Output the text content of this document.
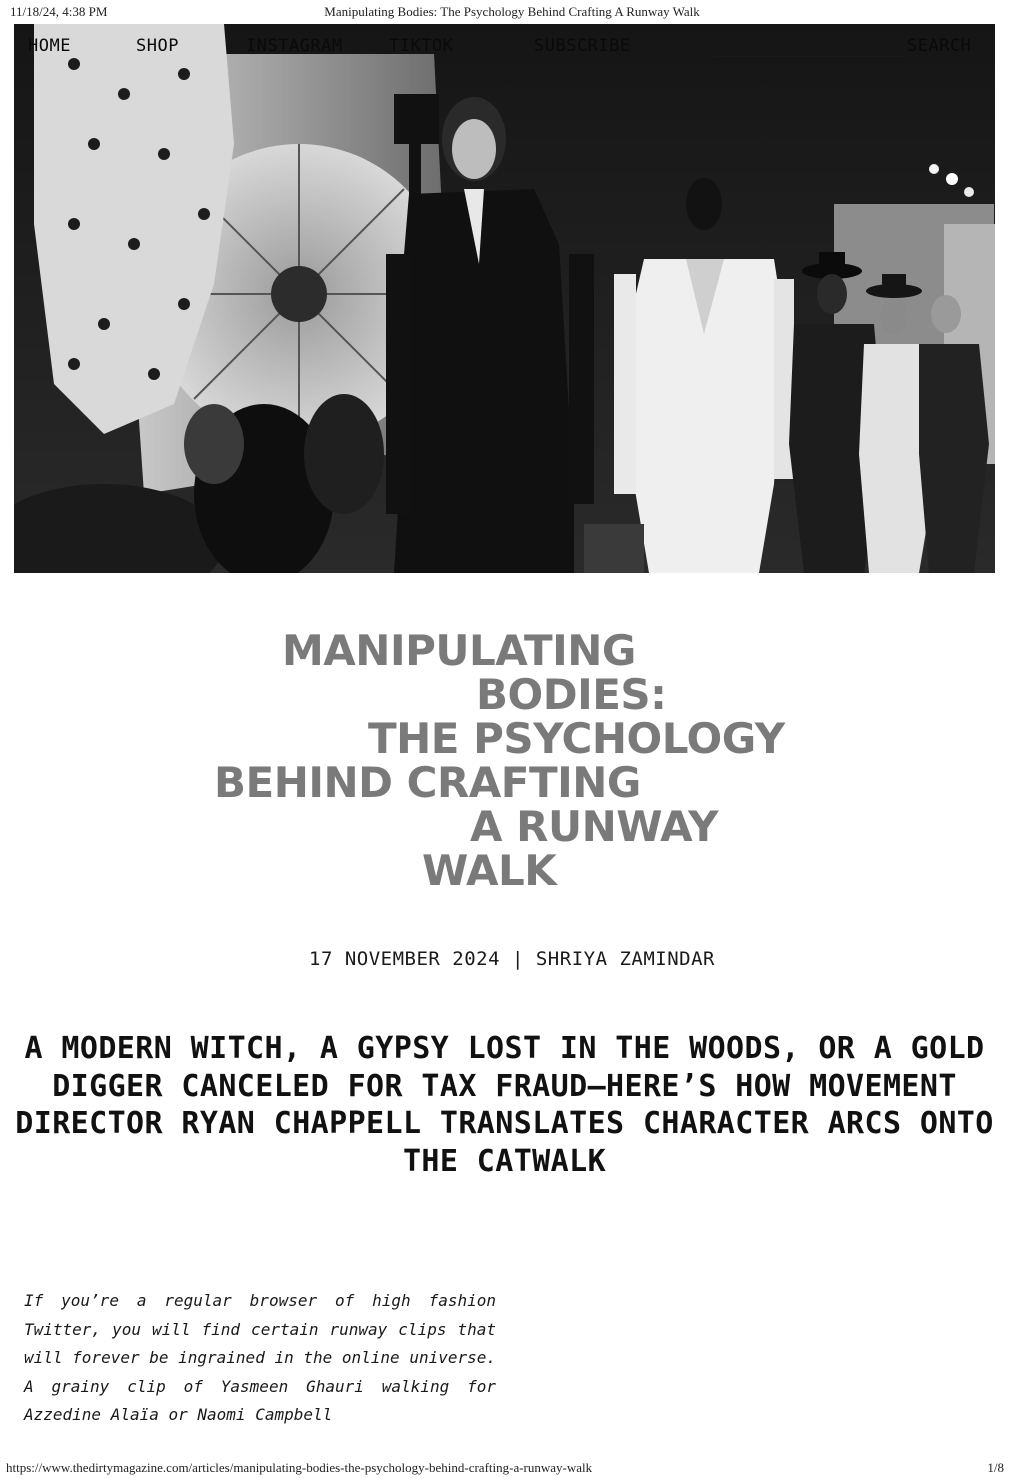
11/18/24, 4:38 PM	Manipulating Bodies: The Psychology Behind Crafting A Runway Walk
HOME	SHOP	INSTAGRAM	TIKTOK	SUBSCRIBE	SEARCH
MANIPULATING
BODIES:
THE PSYCHOLOGY
BEHIND CRAFTING
A RUNWAY
WALK
17 NOVEMBER 2024 | SHRIYA ZAMINDAR
A MODERN WITCH, A GYPSY LOST IN THE WOODS, OR A GOLD DIGGER CANCELED FOR TAX FRAUD—HERE’S HOW MOVEMENT DIRECTOR RYAN CHAPPELL TRANSLATES CHARACTER ARCS ONTO THE CATWALK

If you’re a regular browser of high fashion Twitter, you will find certain runway clips that will forever be ingrained in the online universe. A grainy clip of Yasmeen Ghauri walking for Azzedine Alaïa or Naomi Campbell

https://www.thedirtymagazine.com/articles/manipulating-bodies-the-psychology-behind-crafting-a-runway-walk	1/8
